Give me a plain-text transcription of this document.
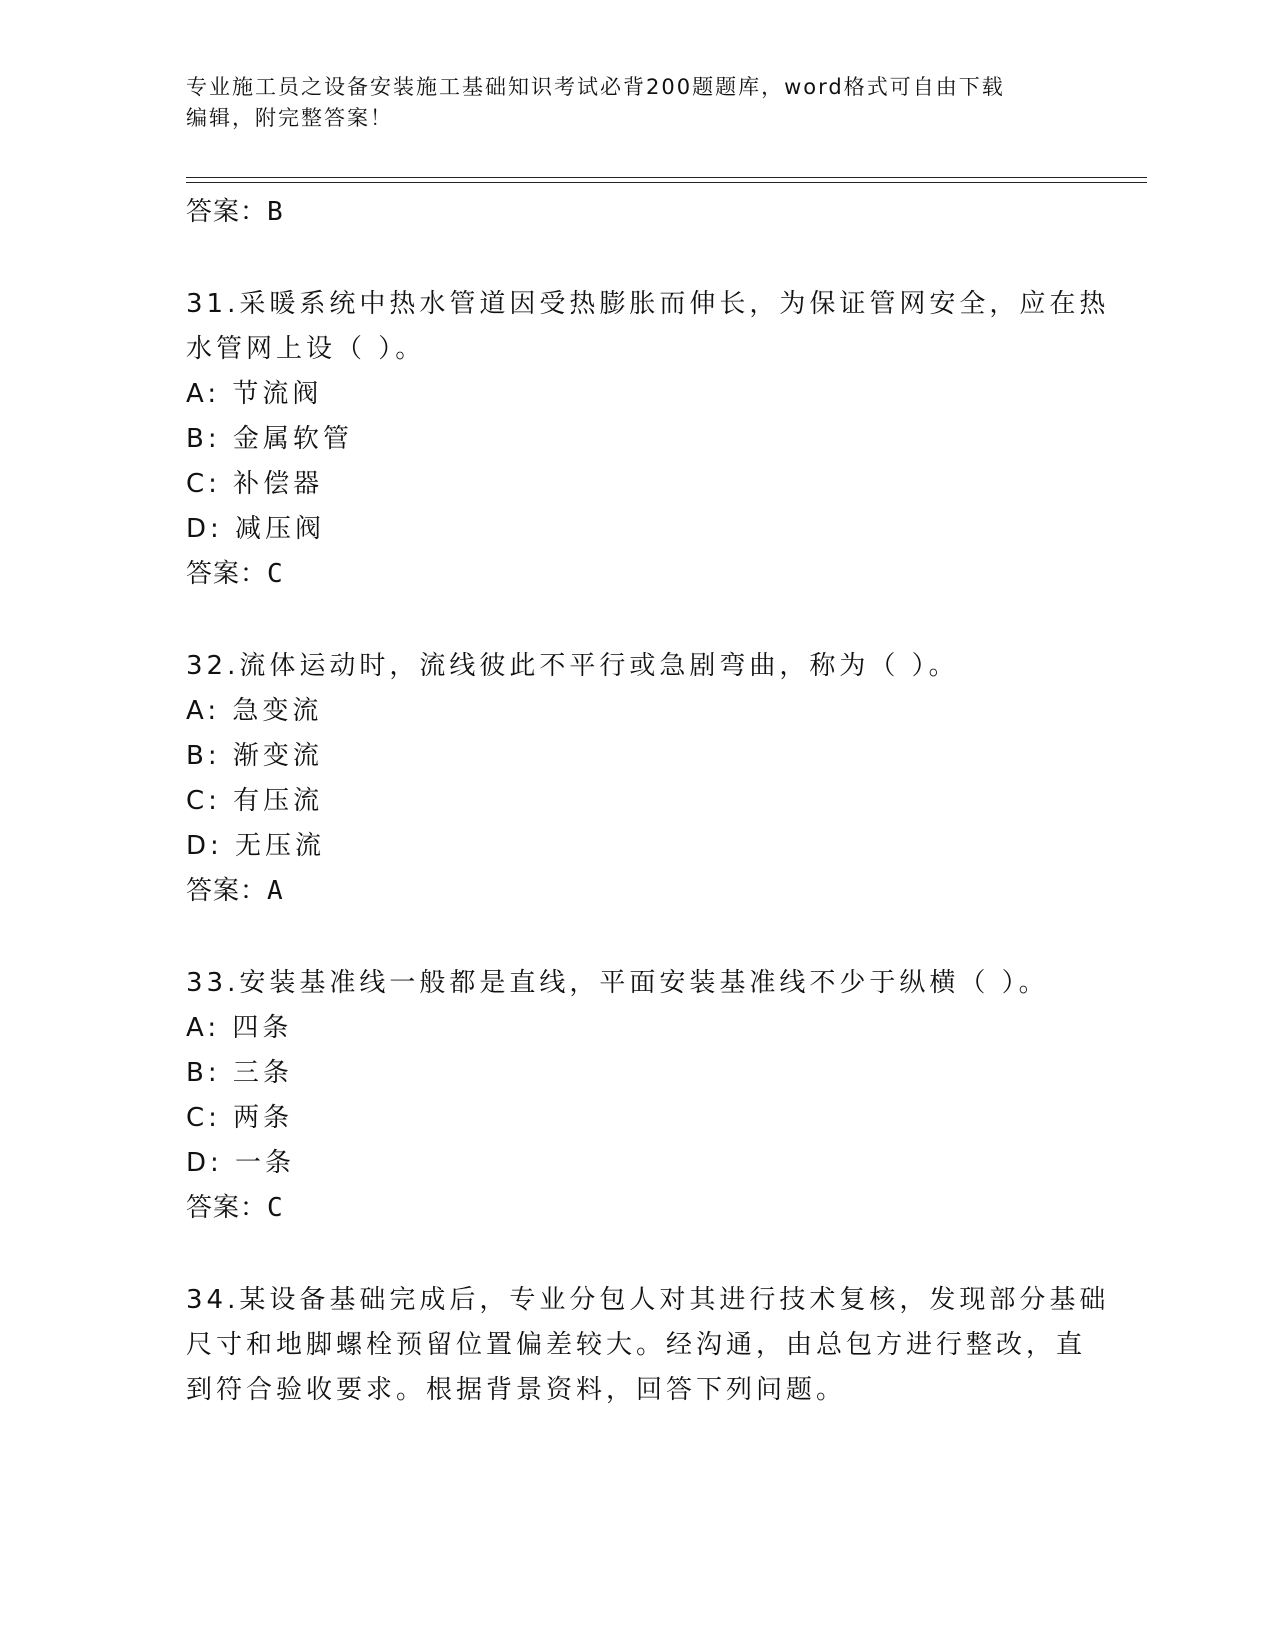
专业施工员之设备安装施工基础知识考试必背200题题库，word格式可自由下载
编辑，附完整答案！
答案：B
31.采暖系统中热水管道因受热膨胀而伸长，为保证管网安全，应在热
水管网上设（ ）。
A: 节流阀
B: 金属软管
C: 补偿器
D: 减压阀
答案：C
32.流体运动时，流线彼此不平行或急剧弯曲，称为（ ）。
A: 急变流
B: 渐变流
C: 有压流
D: 无压流
答案：A
33.安装基准线一般都是直线，平面安装基准线不少于纵横（ ）。
A: 四条
B: 三条
C: 两条
D: 一条
答案：C
34.某设备基础完成后，专业分包人对其进行技术复核，发现部分基础
尺寸和地脚螺栓预留位置偏差较大。经沟通，由总包方进行整改，直
到符合验收要求。根据背景资料，回答下列问题。
